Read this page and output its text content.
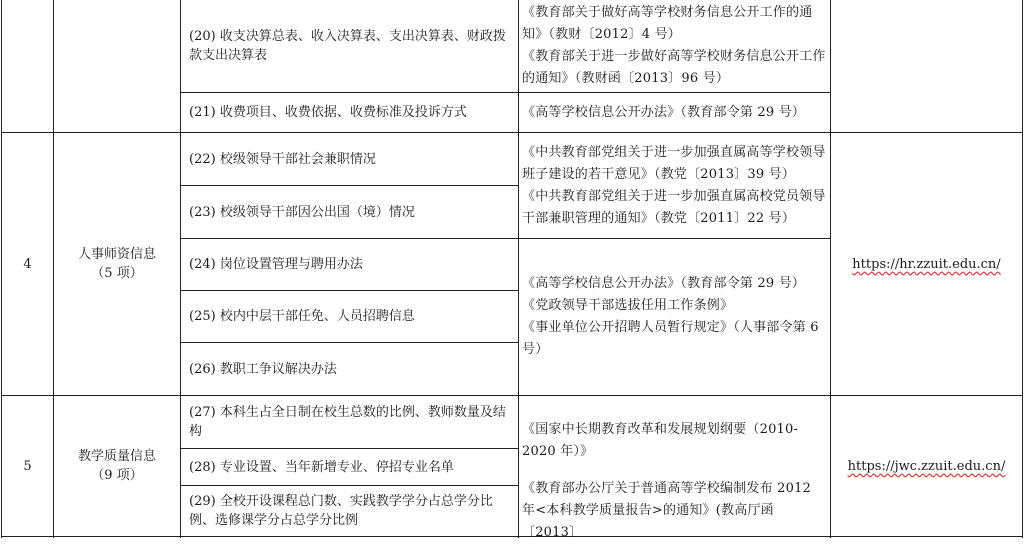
(20) 收支决算总表、收入决算表、支出决算表、财政拨款支出决算表
(21) 收费项目、收费依据、收费标准及投诉方式
《教育部关于做好高等学校财务信息公开工作的通知》（教财〔2012〕4 号）
《教育部关于进一步做好高等学校财务信息公开工作的通知》（教财函〔2013〕96 号）
《高等学校信息公开办法》（教育部令第 29 号）
4
人事师资信息
（5 项）
(22) 校级领导干部社会兼职情况
(23) 校级领导干部因公出国（境）情况
(24) 岗位设置管理与聘用办法
(25) 校内中层干部任免、人员招聘信息
(26) 教职工争议解决办法
《中共教育部党组关于进一步加强直属高等学校领导班子建设的若干意见》（教党〔2013〕39 号）
《中共教育部党组关于进一步加强直属高校党员领导干部兼职管理的通知》（教党〔2011〕22 号）
《高等学校信息公开办法》（教育部令第 29 号）
《党政领导干部选拔任用工作条例》
《事业单位公开招聘人员暂行规定》（人事部令第 6 号）
https://hr.zzuit.edu.cn/
5
教学质量信息
（9 项）
(27) 本科生占全日制在校生总数的比例、教师数量及结构
(28) 专业设置、当年新增专业、停招专业名单
(29) 全校开设课程总门数、实践教学学分占总学分比例、选修课学分占总学分比例
《国家中长期教育改革和发展规划纲要（2010-2020 年）》
《教育部办公厅关于普通高等学校编制发布 2012 年<本科教学质量报告>的通知》(教高厅函〔2013〕
https://jwc.zzuit.edu.cn/
